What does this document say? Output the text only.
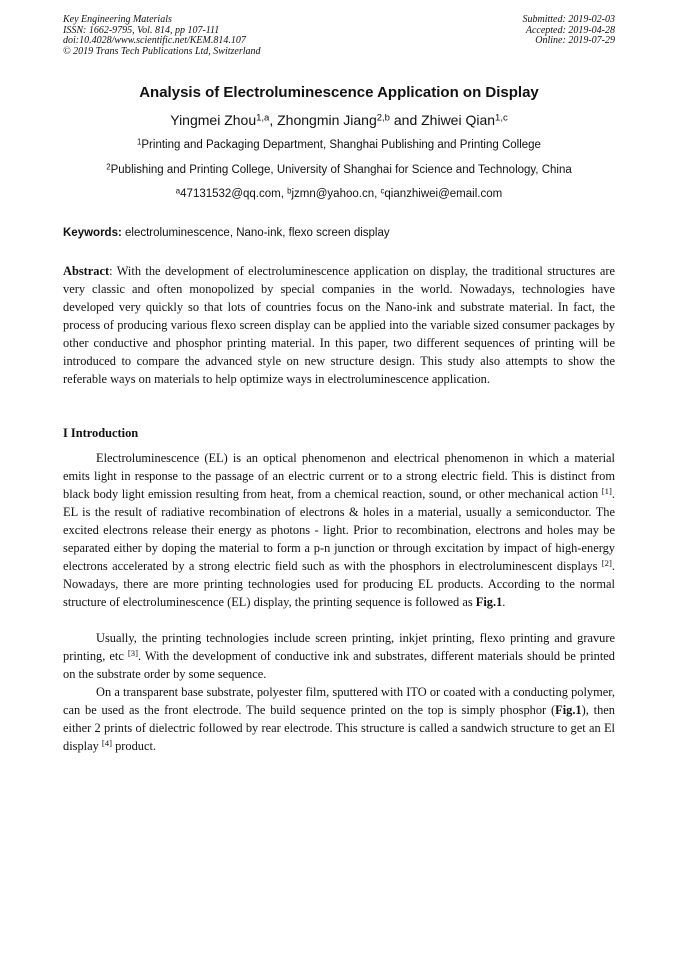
Key Engineering Materials
ISSN: 1662-9795, Vol. 814, pp 107-111
doi:10.4028/www.scientific.net/KEM.814.107
© 2019 Trans Tech Publications Ltd, Switzerland
Submitted: 2019-02-03
Accepted: 2019-04-28
Online: 2019-07-29
Analysis of Electroluminescence Application on Display
Yingmei Zhou$^{1,a}$, Zhongmin Jiang$^{2,b}$ and Zhiwei Qian$^{1,c}$
$^1$Printing and Packaging Department, Shanghai Publishing and Printing College
$^2$Publishing and Printing College, University of Shanghai for Science and Technology, China
$^a$47131532@qq.com, $^b$jzmn@yahoo.cn, $^c$qianzhiwei@email.com
Keywords: electroluminescence, Nano-ink, flexo screen display

Abstract: With the development of electroluminescence application on display, the traditional structures are very classic and often monopolized by special companies in the world. Nowadays, technologies have developed very quickly so that lots of countries focus on the Nano-ink and substrate material. In fact, the process of producing various flexo screen display can be applied into the variable sized consumer packages by other conductive and phosphor printing material. In this paper, two different sequences of printing will be introduced to compare the advanced style on new structure design. This study also attempts to show the referable ways on materials to help optimize ways in electroluminescence application.

I Introduction

Electroluminescence (EL) is an optical phenomenon and electrical phenomenon in which a material emits light in response to the passage of an electric current or to a strong electric field. This is distinct from black body light emission resulting from heat, from a chemical reaction, sound, or other mechanical action [1]. EL is the result of radiative recombination of electrons & holes in a material, usually a semiconductor. The excited electrons release their energy as photons - light. Prior to recombination, electrons and holes may be separated either by doping the material to form a p-n junction or through excitation by impact of high-energy electrons accelerated by a strong electric field such as with the phosphors in electroluminescent displays [2]. Nowadays, there are more printing technologies used for producing EL products. According to the normal structure of electroluminescence (EL) display, the printing sequence is followed as Fig.1.

Usually, the printing technologies include screen printing, inkjet printing, flexo printing and gravure printing, etc [3]. With the development of conductive ink and substrates, different materials should be printed on the substrate order by some sequence.

On a transparent base substrate, polyester film, sputtered with ITO or coated with a conducting polymer, can be used as the front electrode. The build sequence printed on the top is simply phosphor (Fig.1), then either 2 prints of dielectric followed by rear electrode. This structure is called a sandwich structure to get an El display [4] product.
